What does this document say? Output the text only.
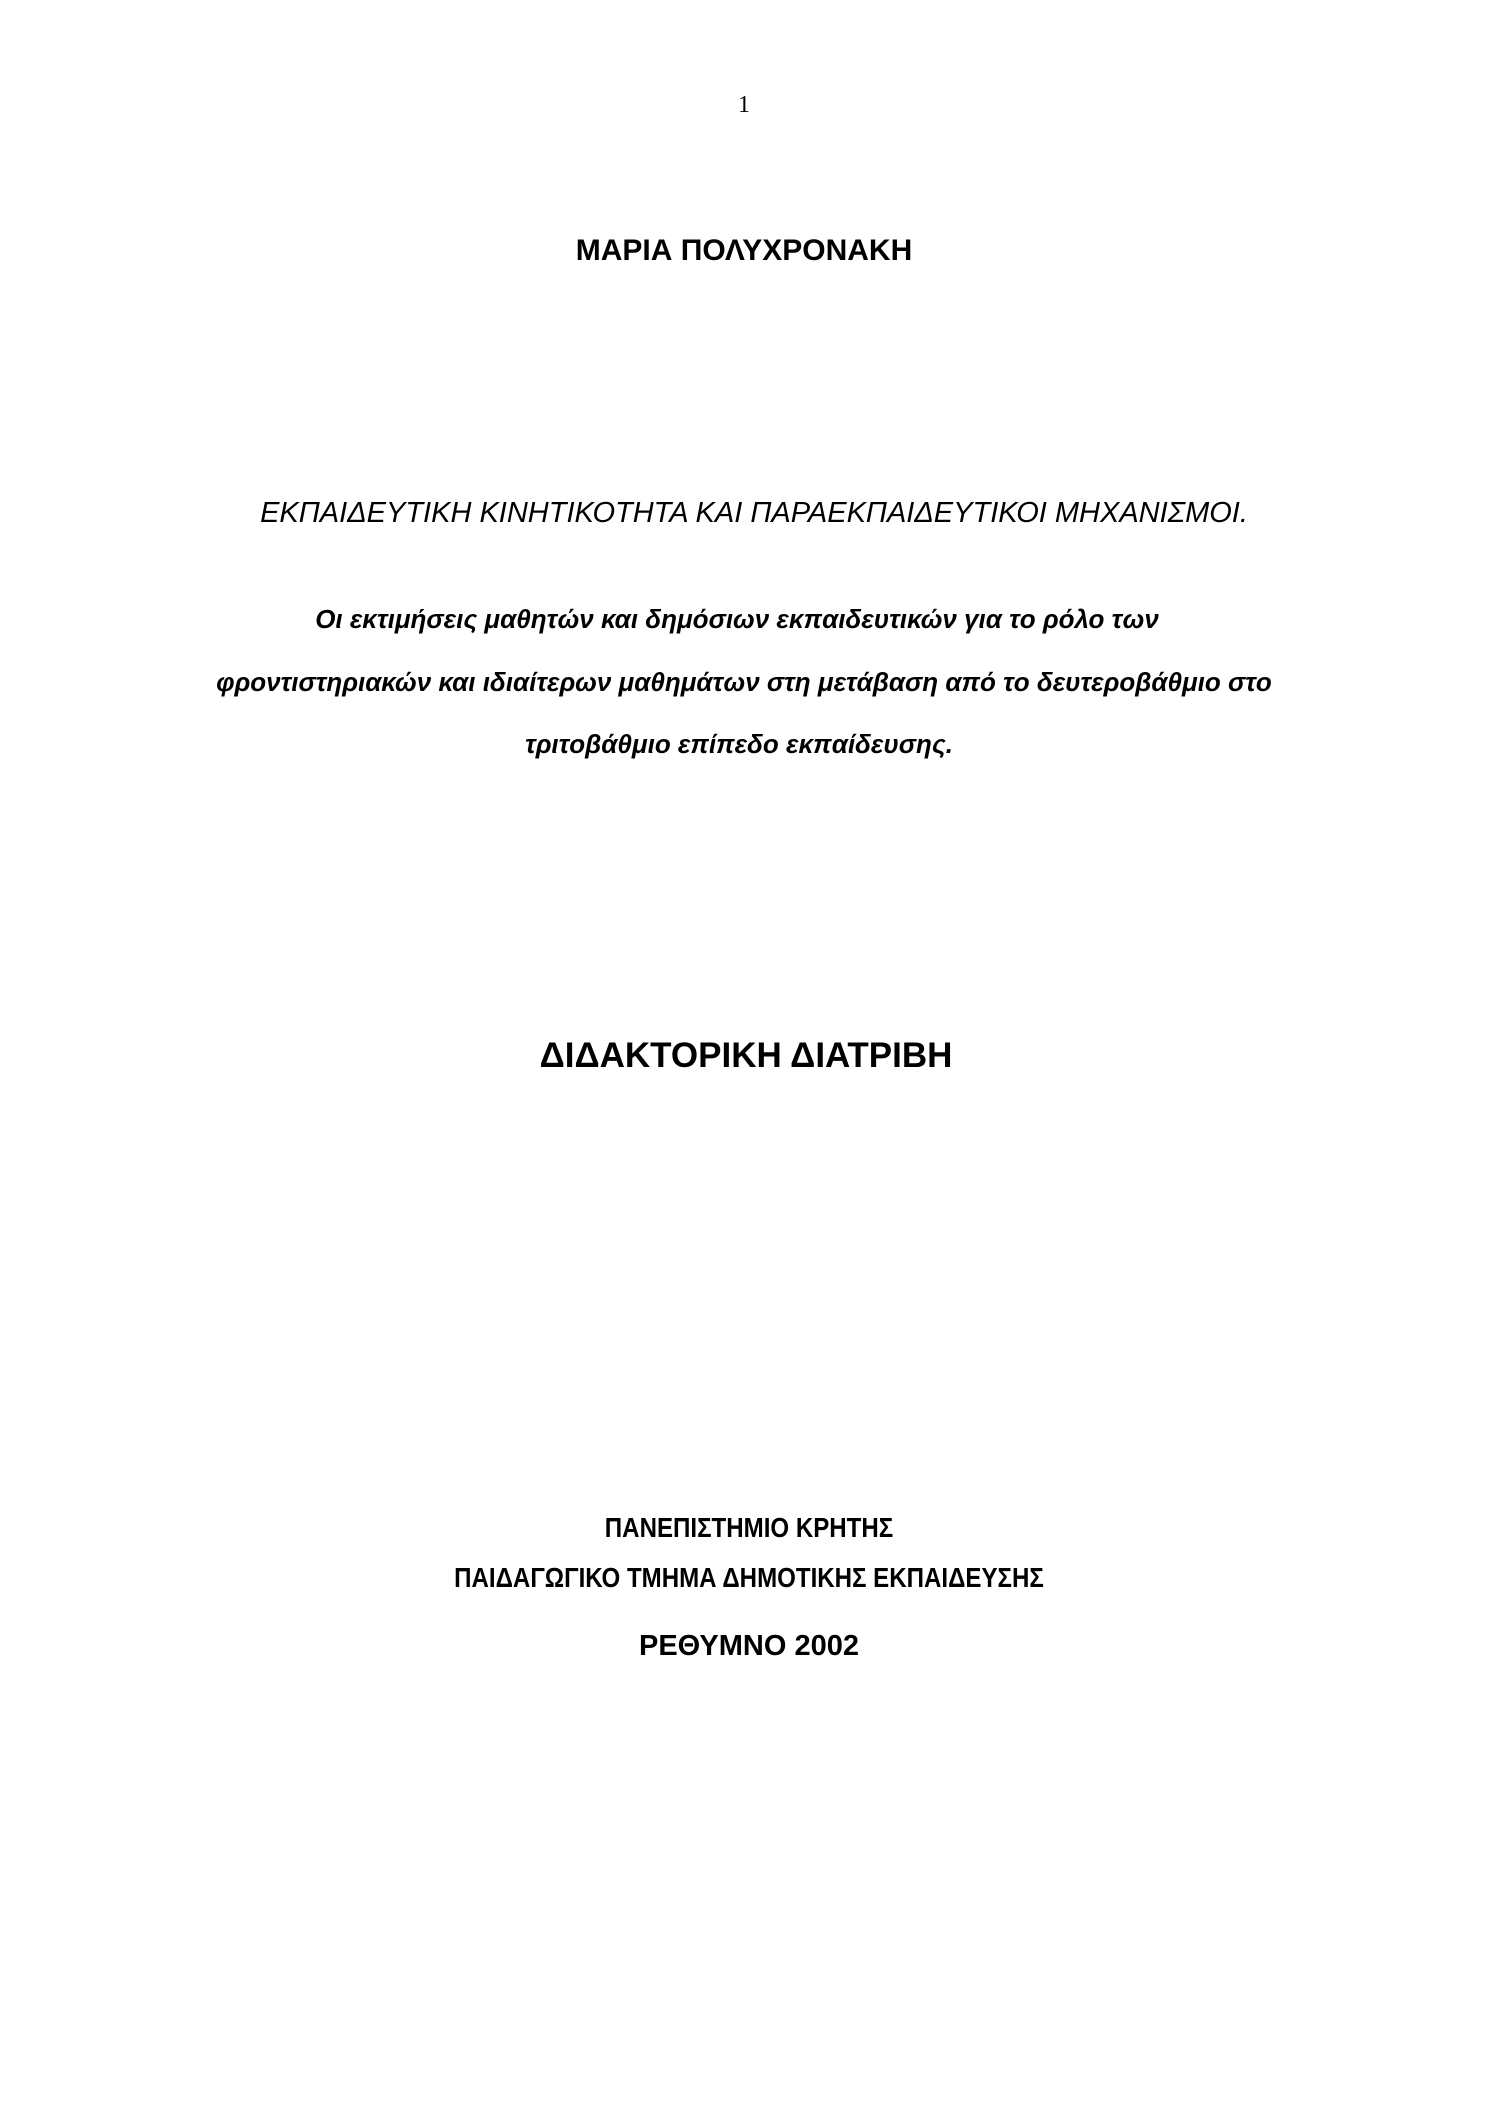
1
ΜΑΡΙΑ ΠΟΛΥΧΡΟΝΑΚΗ
ΕΚΠΑΙΔΕΥΤΙΚΗ ΚΙΝΗΤΙΚΟΤΗΤΑ ΚΑΙ ΠΑΡΑΕΚΠΑΙΔΕΥΤΙΚΟΙ ΜΗΧΑΝΙΣΜΟΙ.
Οι εκτιμήσεις μαθητών και δημόσιων εκπαιδευτικών για το ρόλο των
φροντιστηριακών και ιδιαίτερων μαθημάτων στη μετάβαση από το δευτεροβάθμιο στο
τριτοβάθμιο επίπεδο εκπαίδευσης.
ΔΙΔΑΚΤΟΡΙΚΗ ΔΙΑΤΡΙΒΗ
ΠΑΝΕΠΙΣΤΗΜΙΟ ΚΡΗΤΗΣ
ΠΑΙΔΑΓΩΓΙΚΟ ΤΜΗΜΑ ΔΗΜΟΤΙΚΗΣ ΕΚΠΑΙΔΕΥΣΗΣ
ΡΕΘΥΜΝΟ 2002
